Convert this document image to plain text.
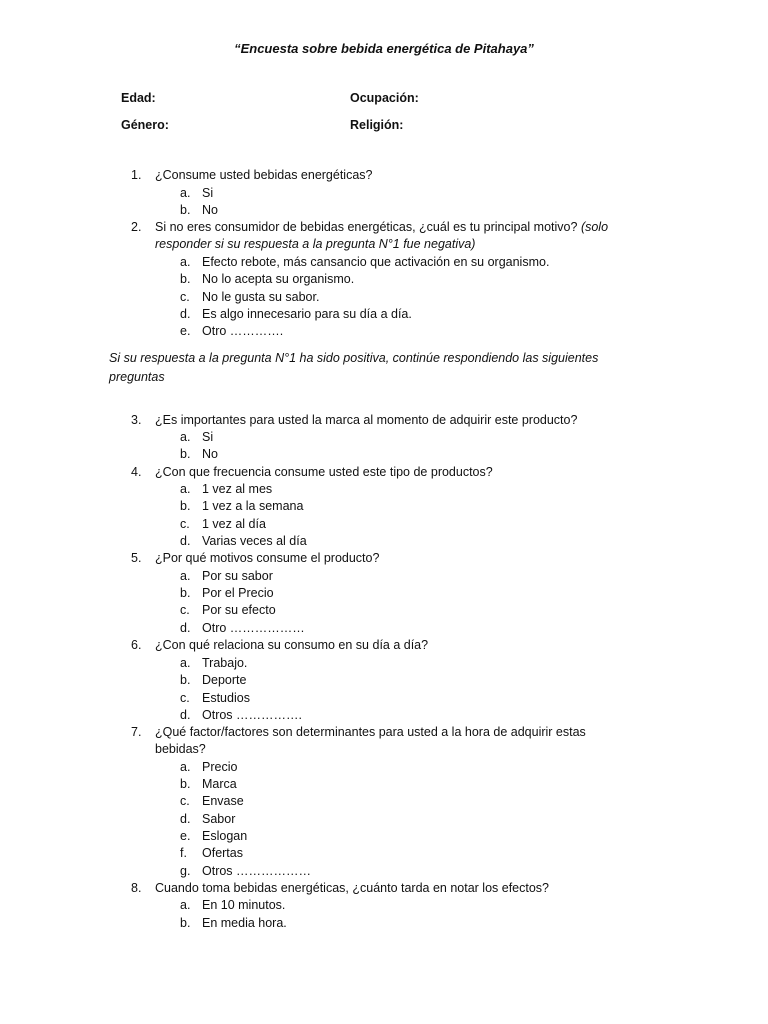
“Encuesta sobre bebida energética de Pitahaya”
Edad:	Ocupación:
Género:	Religión:
1. ¿Consume usted bebidas energéticas?
a. Si
b. No
2. Si no eres consumidor de bebidas energéticas, ¿cuál es tu principal motivo? (solo responder si su respuesta a la pregunta N°1 fue negativa)
a. Efecto rebote, más cansancio que activación en su organismo.
b. No lo acepta su organismo.
c. No le gusta su sabor.
d. Es algo innecesario para su día a día.
e. Otro ………….
Si su respuesta a la pregunta N°1 ha sido positiva, continúe respondiendo las siguientes preguntas
3. ¿Es importantes para usted la marca al momento de adquirir este producto?
a. Si
b. No
4. ¿Con que frecuencia consume usted este tipo de productos?
a. 1 vez al mes
b. 1 vez a la semana
c. 1 vez al día
d. Varias veces al día
5. ¿Por qué motivos consume el producto?
a. Por su sabor
b. Por el Precio
c. Por su efecto
d. Otro ………………
6. ¿Con qué relaciona su consumo en su día a día?
a. Trabajo.
b. Deporte
c. Estudios
d. Otros …………….
7. ¿Qué factor/factores son determinantes para usted a la hora de adquirir estas bebidas?
a. Precio
b. Marca
c. Envase
d. Sabor
e. Eslogan
f. Ofertas
g. Otros ………………
8. Cuando toma bebidas energéticas, ¿cuánto tarda en notar los efectos?
a. En 10 minutos.
b. En media hora.
